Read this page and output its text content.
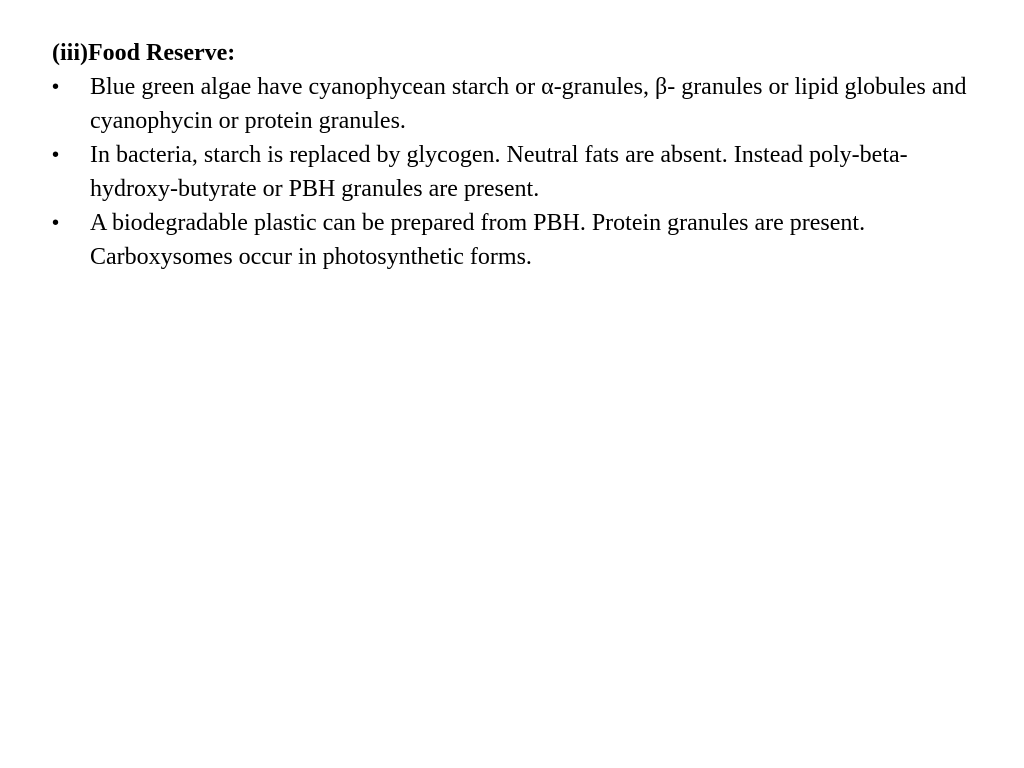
(iii)Food Reserve:

•	Blue green algae have cyanophycean starch or α-granules, β- granules or lipid globules and cyanophycin or protein granules.
•	In bacteria, starch is replaced by glycogen. Neutral fats are absent. Instead poly-beta-hydroxy-butyrate or PBH granules are present.
•	A biodegradable plastic can be prepared from PBH. Protein granules are present. Carboxysomes occur in photosynthetic forms.
